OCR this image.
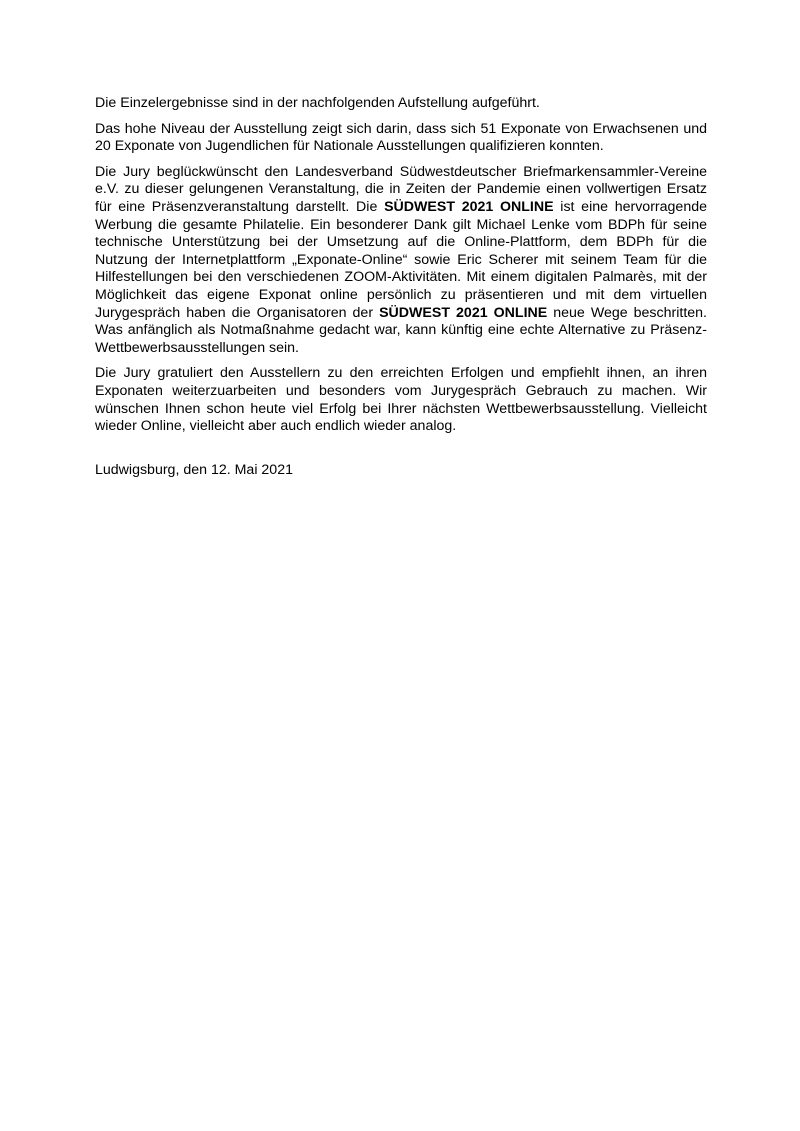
Die Einzelergebnisse sind in der nachfolgenden Aufstellung aufgeführt.

Das hohe Niveau der Ausstellung zeigt sich darin, dass sich 51 Exponate von Erwachsenen und 20 Exponate von Jugendlichen für Nationale Ausstellungen qualifizieren konnten.

Die Jury beglückwünscht den Landesverband Südwestdeutscher Briefmarkensammler-Vereine e.V. zu dieser gelungenen Veranstaltung, die in Zeiten der Pandemie einen vollwertigen Ersatz für eine Präsenzveranstaltung darstellt. Die SÜDWEST 2021 ONLINE ist eine hervorragende Werbung die gesamte Philatelie. Ein besonderer Dank gilt Michael Lenke vom BDPh für seine technische Unterstützung bei der Umsetzung auf die Online-Plattform, dem BDPh für die Nutzung der Internetplattform „Exponate-Online“ sowie Eric Scherer mit seinem Team für die Hilfestellungen bei den verschiedenen ZOOM-Aktivitäten. Mit einem digitalen Palmarès, mit der Möglichkeit das eigene Exponat online persönlich zu präsentieren und mit dem virtuellen Jurygespräch haben die Organisatoren der SÜDWEST 2021 ONLINE neue Wege beschritten. Was anfänglich als Notmaßnahme gedacht war, kann künftig eine echte Alternative zu Präsenz-Wettbewerbsausstellungen sein.

Die Jury gratuliert den Ausstellern zu den erreichten Erfolgen und empfiehlt ihnen, an ihren Exponaten weiterzuarbeiten und besonders vom Jurygespräch Gebrauch zu machen. Wir wünschen Ihnen schon heute viel Erfolg bei Ihrer nächsten Wettbewerbsausstellung. Vielleicht wieder Online, vielleicht aber auch endlich wieder analog.

Ludwigsburg, den 12. Mai 2021
